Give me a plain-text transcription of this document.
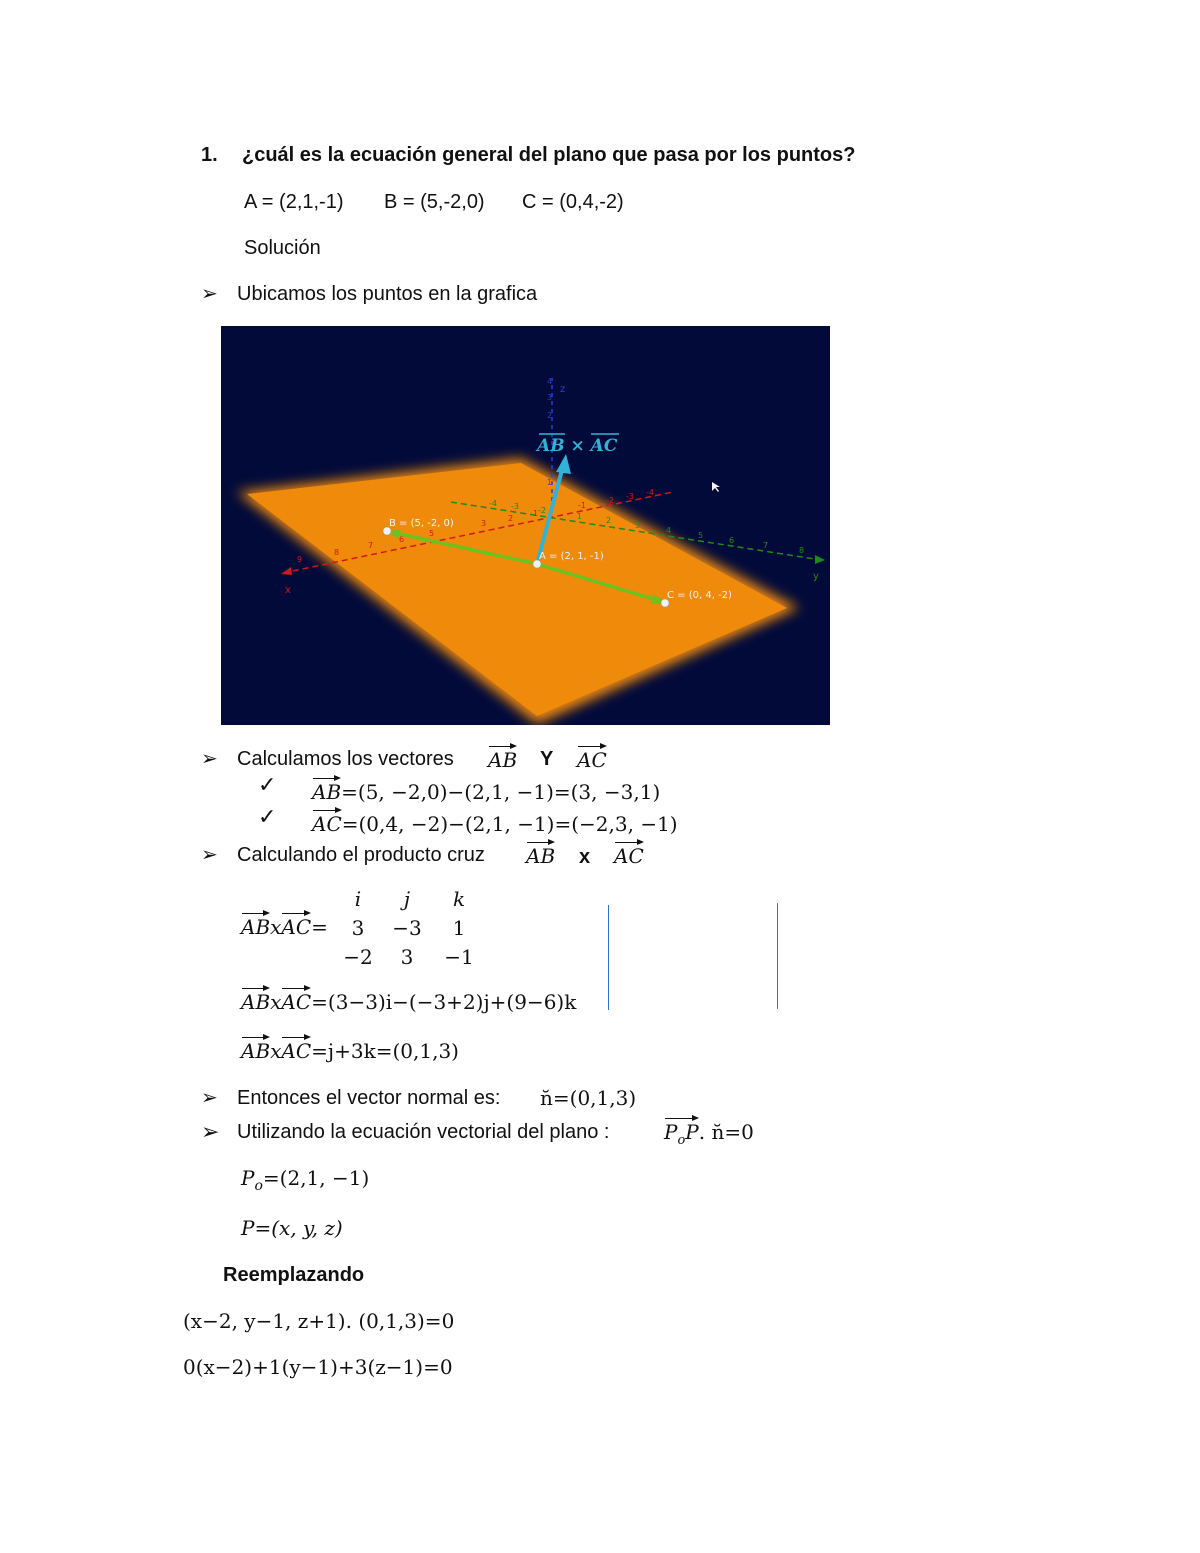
1. ¿cuál es la ecuación general del plano que pasa por los puntos?
A = (2,1,-1) B = (5,-2,0) C = (0,4,-2)
Solución
➢ Ubicamos los puntos en la grafica
9
8
7
6
5
3
2
1
-1
-2 -3 -4
-4 -3 -2
1	2
3
4
5
6
7
8
4
3
2
1
x
y
z
B = (5, -2, 0)
A = (2, 1, -1)
C = (0, 4, -2)
AB × AC
➢ Calculamos los vectores AB Y AC
✓ AB=(5, −2,0)−(2,1, −1)=(3, −3,1)
✓ AC=(0,4, −2)−(2,1, −1)=(−2,3, −1)
➢ Calculando el producto cruz AB x AC
ABxAC=
i	j	k
3	−3	1
−2	3	−1
ABxAC=(3−3)i−(−3+2)j+(9−6)k
ABxAC=j+3k=(0,1,3)
➢ Entonces el vector normal es: n̆=(0,1,3)
➢ Utilizando la ecuación vectorial del plano :	$P_oP$. n̆=0
$P_o=(2,1$, −1)
P=(x, y, z)
Reemplazando
(x−2, y−1, z+1). (0,1,3)=0
0(x−2)+1(y−1)+3(z−1)=0
